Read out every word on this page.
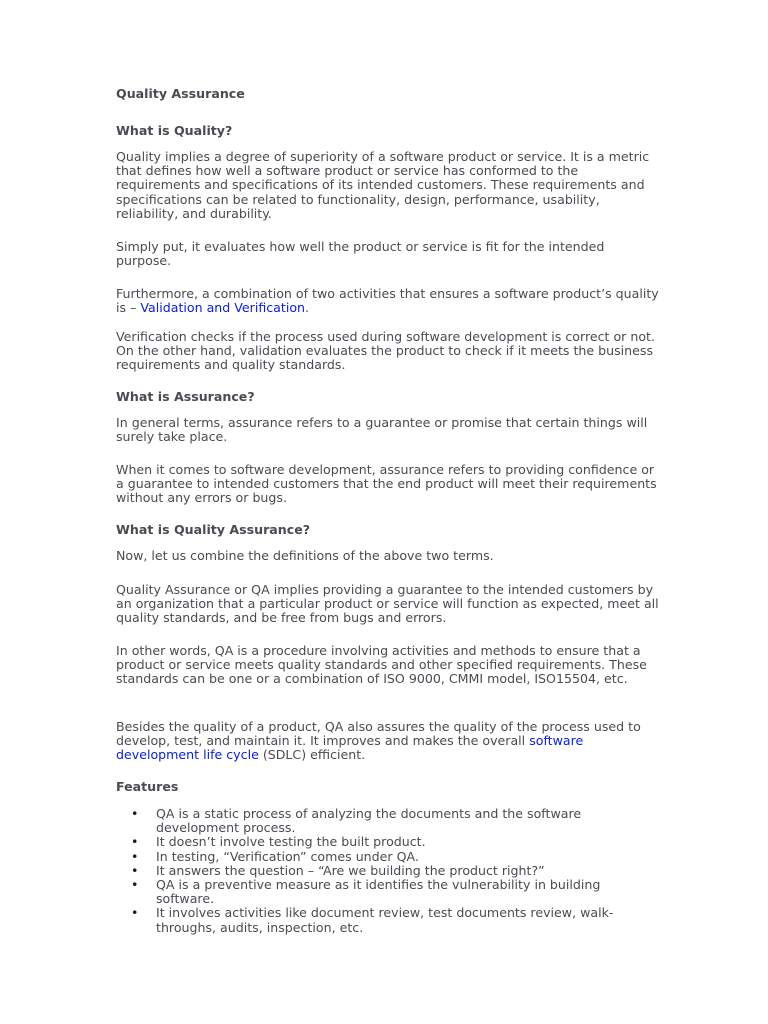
Quality Assurance

What is Quality?

Quality implies a degree of superiority of a software product or service. It is a metric that defines how well a software product or service has conformed to the requirements and specifications of its intended customers. These requirements and specifications can be related to functionality, design, performance, usability, reliability, and durability.

Simply put, it evaluates how well the product or service is fit for the intended purpose.

Furthermore, a combination of two activities that ensures a software product’s quality is – Validation and Verification.

Verification checks if the process used during software development is correct or not. On the other hand, validation evaluates the product to check if it meets the business requirements and quality standards.

What is Assurance?

In general terms, assurance refers to a guarantee or promise that certain things will surely take place.

When it comes to software development, assurance refers to providing confidence or a guarantee to intended customers that the end product will meet their requirements without any errors or bugs.

What is Quality Assurance?

Now, let us combine the definitions of the above two terms.

Quality Assurance or QA implies providing a guarantee to the intended customers by an organization that a particular product or service will function as expected, meet all quality standards, and be free from bugs and errors.

In other words, QA is a procedure involving activities and methods to ensure that a product or service meets quality standards and other specified requirements. These standards can be one or a combination of ISO 9000, CMMI model, ISO15504, etc.

Besides the quality of a product, QA also assures the quality of the process used to develop, test, and maintain it. It improves and makes the overall software development life cycle (SDLC) efficient.

Features

• QA is a static process of analyzing the documents and the software development process.
• It doesn’t involve testing the built product.
• In testing, “Verification” comes under QA.
• It answers the question – “Are we building the product right?”
• QA is a preventive measure as it identifies the vulnerability in building software.
• It involves activities like document review, test documents review, walk-throughs, audits, inspection, etc.
